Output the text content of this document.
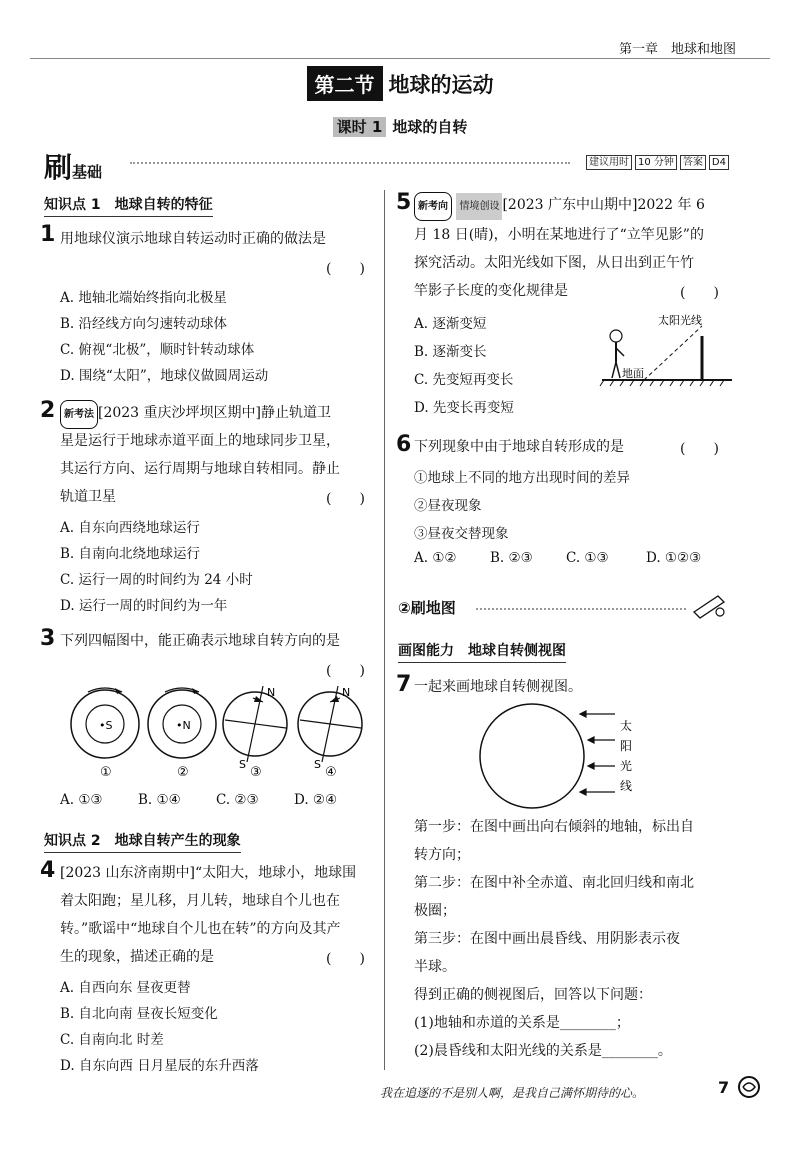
第一章　地球和地图
第二节 地球的运动
课时 1 地球的自转
刷基础
建议用时 10 分钟 答案 D4
知识点 1　地球自转的特征
1 用地球仪演示地球自转运动时正确的做法是
(　　)
A. 地轴北端始终指向北极星
B. 沿经线方向匀速转动球体
C. 俯视“北极”，顺时针转动球体
D. 围绕“太阳”，地球仪做圆周运动
2 新考法 [2023 重庆沙坪坝区期中]静止轨道卫
星是运行于地球赤道平面上的地球同步卫星，
其运行方向、运行周期与地球自转相同。静止
轨道卫星	(　　)
A. 自东向西绕地球运行
B. 自南向北绕地球运行
C. 运行一周的时间约为 24 小时
D. 运行一周的时间约为一年
3 下列四幅图中，能正确表示地球自转方向的是
(　　)
•S
①
•N
②
N
S
③
N
S
④
A. ①③	B. ①④	C. ②③	D. ②④
知识点 2　地球自转产生的现象
4 [2023 山东济南期中]“太阳大，地球小，地球围
着太阳跑；星儿移，月儿转，地球自个儿也在
转。”歌谣中“地球自个儿也在转”的方向及其产
生的现象，描述正确的是	(　　)
A. 自西向东 昼夜更替
B. 自北向南 昼夜长短变化
C. 自南向北 时差
D. 自东向西 日月星辰的东升西落
5 新考向 情境创设 [2023 广东中山期中]2022 年 6
月 18 日(晴)，小明在某地进行了“立竿见影”的
探究活动。太阳光线如下图，从日出到正午竹
竿影子长度的变化规律是	(　　)
A. 逐渐变短
B. 逐渐变长
C. 先变短再变长
D. 先变长再变短
太阳光线
地面
6 下列现象中由于地球自转形成的是	(　　)
①地球上不同的地方出现时间的差异
②昼夜现象
③昼夜交替现象
A. ①② B. ②③ C. ①③	D. ①②③
②刷地图
画图能力　地球自转侧视图
7 一起来画地球自转侧视图。
太
阳
光
线
第一步：在图中画出向右倾斜的地轴，标出自
转方向；
第二步：在图中补全赤道、南北回归线和南北
极圈；
第三步：在图中画出晨昏线、用阴影表示夜
半球。
得到正确的侧视图后，回答以下问题：
(1)地轴和赤道的关系是________；
(2)晨昏线和太阳光线的关系是________。
我在追逐的不是别人啊，是我自己满怀期待的心。	7
